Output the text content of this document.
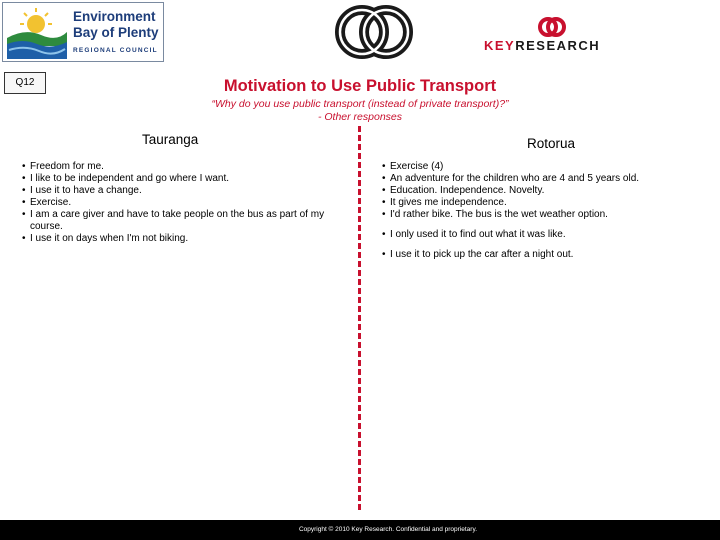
Environment
Bay of Plenty
REGIONAL COUNCIL	KEYRESEARCH
Q12	Motivation to Use Public Transport
“Why do you use public transport (instead of private transport)?”
- Other responses
Tauranga	Rotorua
• Freedom for me.
• I like to be independent and go where I want.
• I use it to have a change.
• Exercise.
• I am a care giver and have to take people on the bus as part of my course.
• I use it on days when I'm not biking.
• Exercise (4)
• An adventure for the children who are 4 and 5 years old.
• Education. Independence. Novelty.
• It gives me independence.
• I'd rather bike. The bus is the wet weather option.
• I only used it to find out what it was like.
• I use it to pick up the car after a night out.
Copyright © 2010 Key Research. Confidential and proprietary.
